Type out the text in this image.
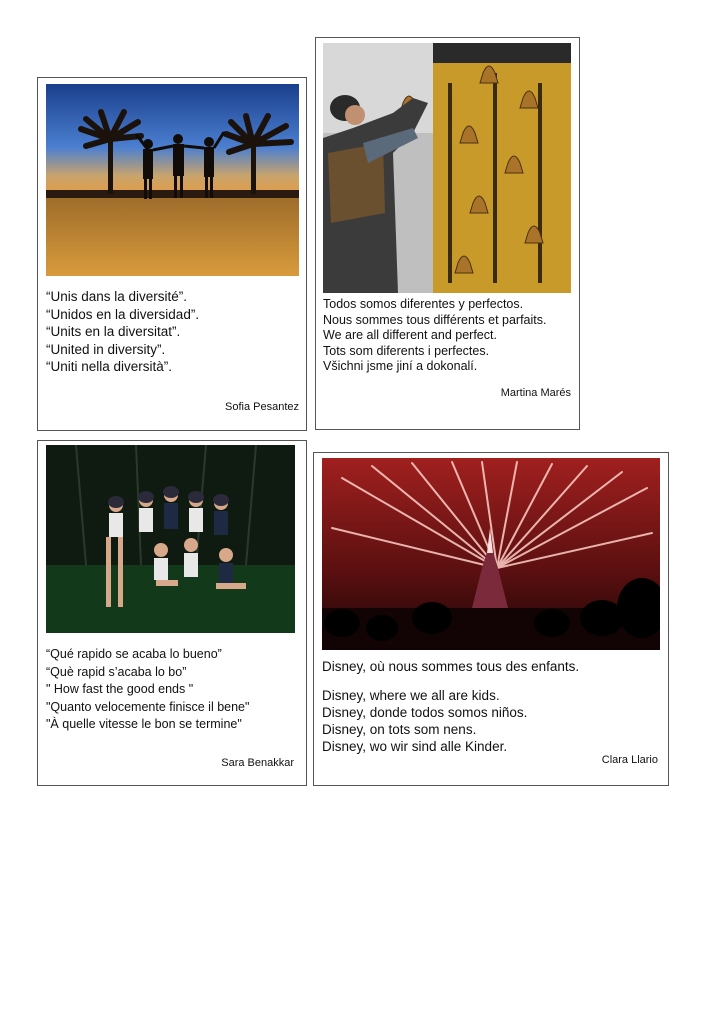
“Unis dans la diversité”.
“Unidos en la diversidad”.
“Units en la diversitat”.
“United in diversity”.
“Uniti nella diversità”.
Sofia Pesantez
Todos somos diferentes y perfectos.
Nous sommes tous différents et parfaits.
We are all different and perfect.
Tots som diferents i perfectes.
Všichni jsme jiní a dokonalí.
Martina Marés
“Qué rapido se acaba lo bueno”
“Què rapid s’acaba lo bo”
" How fast the good ends "
"Quanto velocemente finisce il bene"
"À quelle vitesse le bon se termine"
Sara Benakkar
Disney, où nous sommes tous des enfants.
Disney, where we all are kids.
Disney, donde todos somos niños.
Disney, on tots som nens.
Disney, wo wir sind alle Kinder.
Clara Llario
